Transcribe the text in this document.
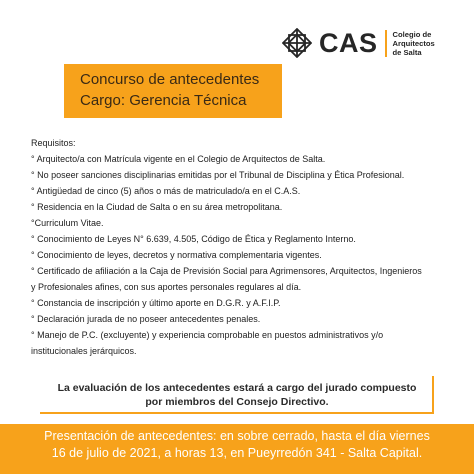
CAS Colegio de
Arquitectos
de Salta
Concurso de antecedentes
Cargo: Gerencia Técnica
Requisitos:
° Arquitecto/a con Matrícula vigente en el Colegio de Arquitectos de Salta.
° No poseer sanciones disciplinarias emitidas por el Tribunal de Disciplina y Ética Profesional.
° Antigüedad de cinco (5) años o más de matriculado/a en el C.A.S.
° Residencia en la Ciudad de Salta o en su área metropolitana.
°Curriculum Vitae.
° Conocimiento de Leyes N° 6.639, 4.505, Código de Ética y Reglamento Interno.
° Conocimiento de leyes, decretos y normativa complementaria vigentes.
° Certificado de afiliación a la Caja de Previsión Social para Agrimensores, Arquitectos, Ingenieros
y Profesionales afines, con sus aportes personales regulares al día.
° Constancia de inscripción y último aporte en D.G.R. y A.F.I.P.
° Declaración jurada de no poseer antecedentes penales.
° Manejo de P.C. (excluyente) y experiencia comprobable en puestos administrativos y/o
institucionales jerárquicos.
La evaluación de los antecedentes estará a cargo del jurado compuesto
por miembros del Consejo Directivo.
Presentación de antecedentes: en sobre cerrado, hasta el día viernes
16 de julio de 2021, a horas 13, en Pueyrredón 341 - Salta Capital.
